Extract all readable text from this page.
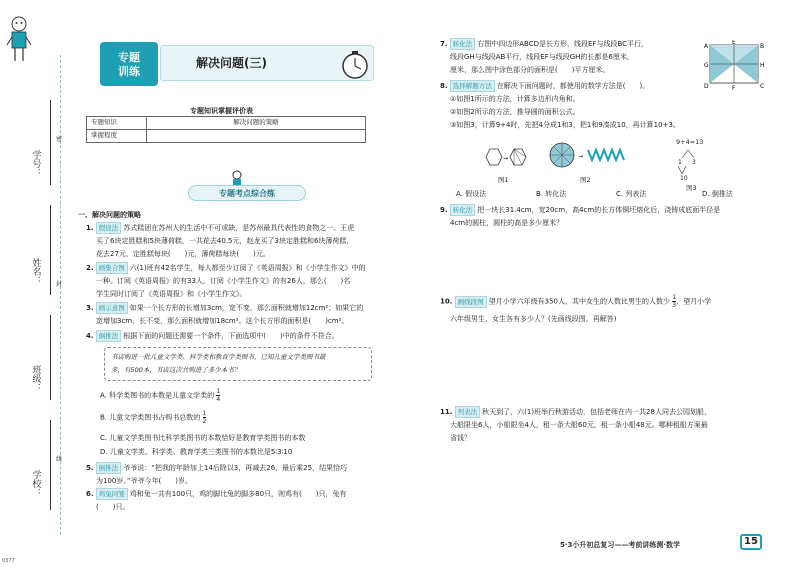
学号：
姓名：
班级：
学校：
密
封
线
0377
专题
训练
解决问题(三)
专题知识掌握评价表
专题知识	解决问题的策略
掌握程度	
专题考点综合练
一、解决问题的策略
1. 假设法 苏式糕团在苏州人的生活中不可或缺，是苏州最具代表性的食物之一。王虎
买了6块定胜糕和5块薄荷糕，一共花去40.5元，赵龙买了3块定胜糕和6块薄荷糕，
花去27元，定胜糕每块(　　)元，薄荷糕每块(　　)元。
2. 画集合图 六(1)班有42名学生，每人都至少订阅了《英语周报》和《小学生作文》中的
一种。订阅《英语周报》的有33人，订阅《小学生作文》的有26人，那么(　　)名
学生同时订阅了《英语周报》和《小学生作文》。
3. 画示意图 如果一个长方形的长增加3cm，宽不变，那么面积就增加12cm²；如果它的
宽增加3cm，长不变，那么面积就增加18cm²。这个长方形的面积是(　　)cm²。
4. 倒推法 根据下面的问题还需要一个条件，下面选项中(　　)中的条件不符合。
书店购进一批儿童文学类、科学类和教育学类图书，已知儿童文学类图书最
多，有500本，书店这次共购进了多少本书？
A. 科学类图书的本数是儿童文学类的 $\frac{1}{4}$
B. 儿童文学类图书占购书总数的 $\frac{1}{2}$
C. 儿童文学类图书比科学类图书的本数恰好是教育学类图书的本数
D. 儿童文学类、科学类、教育学类三类图书的本数比是5∶3∶10
5. 倒推法 爷爷说：“把我的年龄加上14后除以3，再减去26，最后乘25，结果恰巧
为100岁。”爷爷今年(　　)岁。
6. 鸡兔同笼 鸡和兔一共有100只，鸡的脚比兔的脚多80只，则鸡有(　　)只，兔有
(　　)只。
7. 转化法 右图中四边形ABCD是长方形，线段EF与线段BC平行，
线段GH与线段AB平行，线段EF与线段GH的长都是6厘米，
厘米，那么图中涂色部分的面积是(　　)平方厘米。
A	B
C
D
E
F
G	H
8. 选择解题方法 在解决下面问题时，都使用的数学方法是(　　)。
①如图1所示的方法，计算多边形内角和。
②如图2所示的方法，推导圆的面积公式。
③如图3，计算9+4时，先把4分成1和3，把1和9凑成10，再计算10+3。
→	→
9+4=13
1 3
10
图1	图2
图3
A. 假设法	B. 转化法	C. 列表法	D. 倒推法
9. 转化法 把一块长31.4cm，宽20cm，高4cm的长方体铜坯熔化后，浇铸成底面半径是
4cm的圆柱，圆柱的高是多少厘米？
10. 画线段图 望月小学六年级有350人，其中女生的人数比男生的人数少 $\frac{1}{3}$ ，望月小学
六年级男生、女生各有多少人？(先画线段图，再解答)
11. 列表法 秋天到了，六(1)班举行秋游活动，包括老师在内一共28人同去公园划船，
大船限坐6人，小船限坐4人，租一条大船60元，租一条小船48元。哪种租船方案最
省钱？
5·3小升初总复习——考前讲练测·数学	15
